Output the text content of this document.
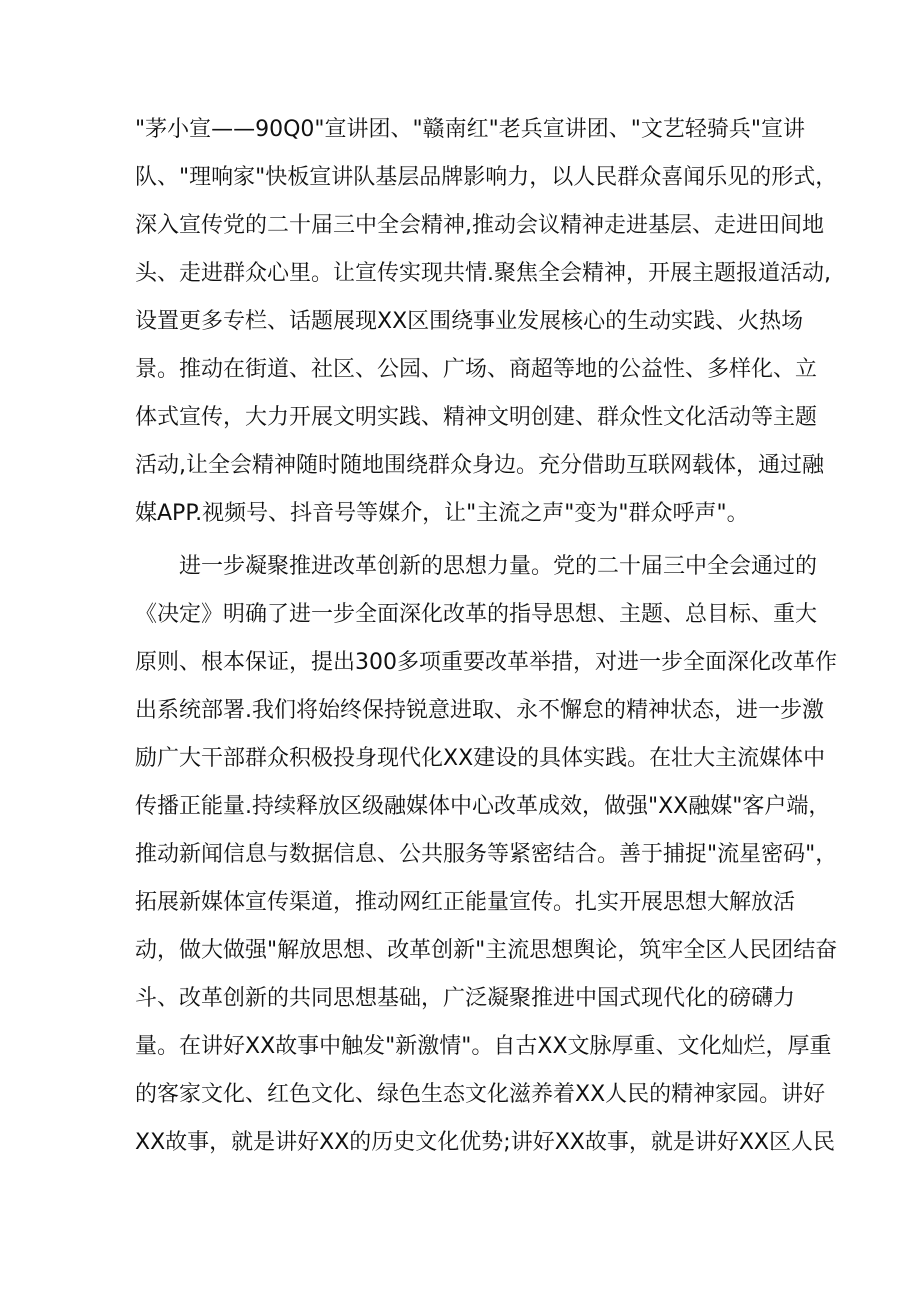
"茅小宣——90Q0"宣讲团、"赣南红"老兵宣讲团、"文艺轻骑兵"宣讲
队、"理响家"快板宣讲队基层品牌影响力，以人民群众喜闻乐见的形式，
深入宣传党的二十届三中全会精神,推动会议精神走进基层、走进田间地
头、走进群众心里。让宣传实现共情.聚焦全会精神，开展主题报道活动,
设置更多专栏、话题展现XX区围绕事业发展核心的生动实践、火热场
景。推动在街道、社区、公园、广场、商超等地的公益性、多样化、立
体式宣传，大力开展文明实践、精神文明创建、群众性文化活动等主题
活动,让全会精神随时随地围绕群众身边。充分借助互联网载体，通过融
媒APP.视频号、抖音号等媒介，让"主流之声"变为"群众呼声"。
　　进一步凝聚推进改革创新的思想力量。党的二十届三中全会通过的
《决定》明确了进一步全面深化改革的指导思想、主题、总目标、重大
原则、根本保证，提出300多项重要改革举措，对进一步全面深化改革作
出系统部署.我们将始终保持锐意进取、永不懈怠的精神状态，进一步激
励广大干部群众积极投身现代化XX建设的具体实践。在壮大主流媒体中
传播正能量.持续释放区级融媒体中心改革成效，做强"XX融媒"客户端，
推动新闻信息与数据信息、公共服务等紧密结合。善于捕捉"流星密码"，
拓展新媒体宣传渠道，推动网红正能量宣传。扎实开展思想大解放活
动，做大做强"解放思想、改革创新"主流思想舆论，筑牢全区人民团结奋
斗、改革创新的共同思想基础，广泛凝聚推进中国式现代化的磅礴力
量。在讲好XX故事中触发"新激情"。自古XX文脉厚重、文化灿烂，厚重
的客家文化、红色文化、绿色生态文化滋养着XX人民的精神家园。讲好
XX故事，就是讲好XX的历史文化优势;讲好XX故事，就是讲好XX区人民
